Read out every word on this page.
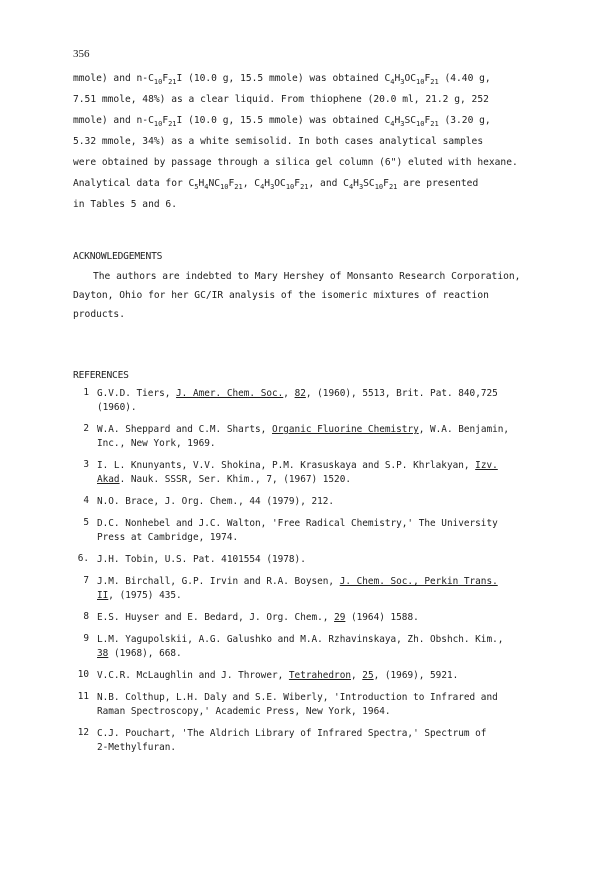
356
mmole) and $n-C_{10}F_{21}I$ (10.0 g, 15.5 mmole) was obtained $C_4H_3OC_{10}F_{21}$ (4.40 g,
7.51 mmole, 48%) as a clear liquid. From thiophene (20.0 ml, 21.2 g, 252
mmole) and $n-C_{10}F_{21}I$ (10.0 g, 15.5 mmole) was obtained $C_4H_3SC_{10}F_{21}$ (3.20 g,
5.32 mmole, 34%) as a white semisolid. In both cases analytical samples
were obtained by passage through a silica gel column (6") eluted with hexane.
Analytical data for $C_5H_4NC_{10}F_{21}$, $C_4H_3OC_{10}F_{21}$, and $C_4H_3SC_{10}F_{21}$ are presented
in Tables 5 and 6.
ACKNOWLEDGEMENTS
The authors are indebted to Mary Hershey of Monsanto Research Corporation,
Dayton, Ohio for her GC/IR analysis of the isomeric mixtures of reaction
products.
REFERENCES
1 G.V.D. Tiers, J. Amer. Chem. Soc., 82, (1960), 5513, Brit. Pat. 840,725
(1960).
2 W.A. Sheppard and C.M. Sharts, Organic Fluorine Chemistry, W.A. Benjamin,
Inc., New York, 1969.
3 I. L. Knunyants, V.V. Shokina, P.M. Krasuskaya and S.P. Khrlakyan, Izv.
Akad. Nauk. SSSR, Ser. Khim., 7, (1967) 1520.
4 N.O. Brace, J. Org. Chem., 44 (1979), 212.
5 D.C. Nonhebel and J.C. Walton, 'Free Radical Chemistry,' The University
Press at Cambridge, 1974.
6. J.H. Tobin, U.S. Pat. 4101554 (1978).
7 J.M. Birchall, G.P. Irvin and R.A. Boysen, J. Chem. Soc., Perkin Trans.
II, (1975) 435.
8 E.S. Huyser and E. Bedard, J. Org. Chem., 29 (1964) 1588.
9 L.M. Yagupolskii, A.G. Galushko and M.A. Rzhavinskaya, Zh. Obshch. Kim.,
38 (1968), 668.
10 V.C.R. McLaughlin and J. Thrower, Tetrahedron, 25, (1969), 5921.
11 N.B. Colthup, L.H. Daly and S.E. Wiberly, 'Introduction to Infrared and
Raman Spectroscopy,' Academic Press, New York, 1964.
12 C.J. Pouchart, 'The Aldrich Library of Infrared Spectra,' Spectrum of
2-Methylfuran.
